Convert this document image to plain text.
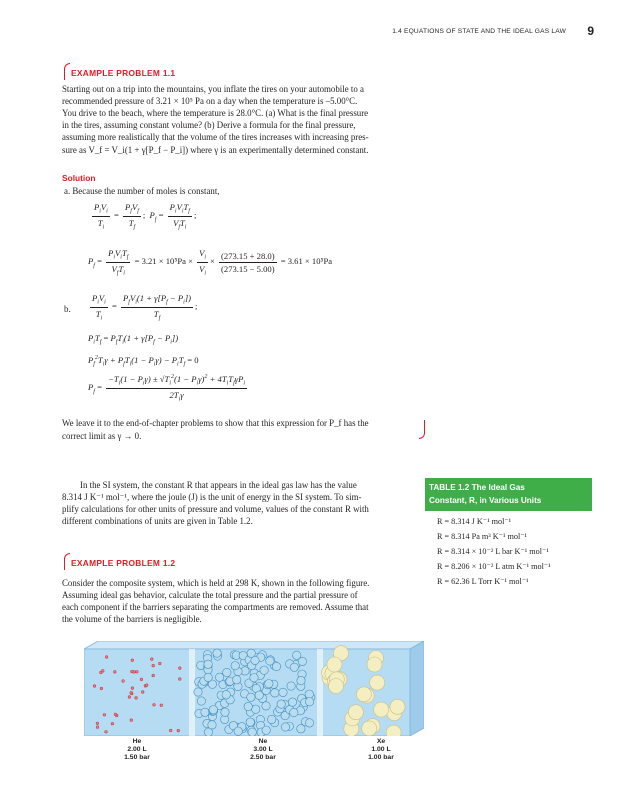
1.4 EQUATIONS OF STATE AND THE IDEAL GAS LAW 9
EXAMPLE PROBLEM 1.1
Starting out on a trip into the mountains, you inflate the tires on your automobile to a
recommended pressure of 3.21 × 10⁵ Pa on a day when the temperature is –5.00°C.
You drive to the beach, where the temperature is 28.0°C. (a) What is the final pressure
in the tires, assuming constant volume? (b) Derive a formula for the final pressure,
assuming more realistically that the volume of the tires increases with increasing pres-
sure as V_f = V_i(1 + γ[P_f − P_i]) where γ is an experimentally determined constant.
Solution
a. Because the number of moles is constant,
$\frac{P_iV_i}{T_i} = \frac{P_fV_f}{T_f}$ ;  $P_f = \frac{P_iV_iT_f}{V_fT_i}$ ;
$P_f = \frac{P_iV_iT_f}{V_fT_i} = 3.21 \times 10^5Pa \times \frac{V_i}{V_i} \times \frac{(273.15 + 28.0)}{(273.15 - 5.00)} = 3.61 \times 10^5Pa$
b. $\frac{P_iV_i}{T_i} = \frac{P_fV_i(1 + \gamma[P_f - P_i])}{T_f}$ ;
$P_iT_f = P_fT_i(1 + \gamma[P_f - P_i])$
$P_f^2T_i\gamma + P_fT_i(1 - P_i\gamma) - P_iT_f = 0$
$P_f = \frac{-T_i(1 - P_i\gamma) \pm √T_i^2(1 - P_i\gamma)^2 + 4T_iT_f\gamma P_i}{2T_i\gamma}$
We leave it to the end-of-chapter problems to show that this expression for P_f has the
correct limit as γ → 0.
In the SI system, the constant R that appears in the ideal gas law has the value
8.314 J K⁻¹ mol⁻¹, where the joule (J) is the unit of energy in the SI system. To sim-
plify calculations for other units of pressure and volume, values of the constant R with
different combinations of units are given in Table 1.2.
TABLE 1.2 The Ideal Gas
Constant, R, in Various Units
R = 8.314 J K⁻¹ mol⁻¹
R = 8.314 Pa m³ K⁻¹ mol⁻¹
R = 8.314 × 10⁻² L bar K⁻¹ mol⁻¹
R = 8.206 × 10⁻² L atm K⁻¹ mol⁻¹
R = 62.36 L Torr K⁻¹ mol⁻¹
EXAMPLE PROBLEM 1.2
Consider the composite system, which is held at 298 K, shown in the following figure.
Assuming ideal gas behavior, calculate the total pressure and the partial pressure of
each component if the barriers separating the compartments are removed. Assume that
the volume of the barriers is negligible.
He
2.00 L
1.50 bar
Ne
3.00 L
2.50 bar
Xe
1.00 L
1.00 bar
